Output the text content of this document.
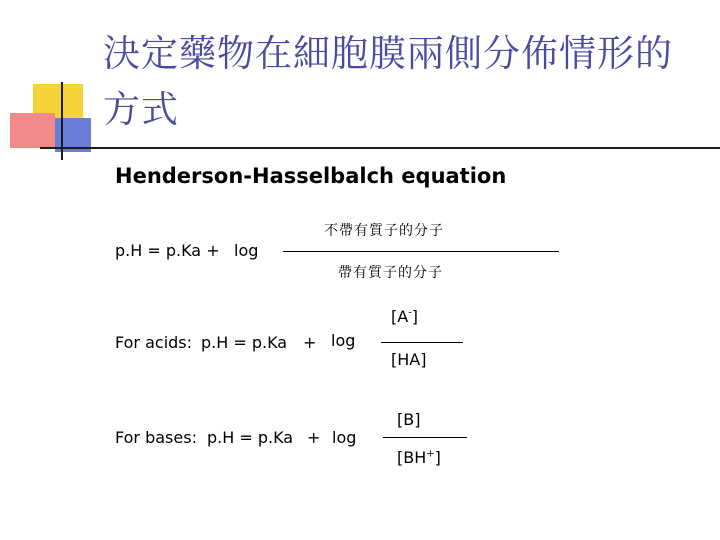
決定藥物在細胞膜兩側分佈情形的方式
Henderson-Hasselbalch equation
p.H = p.Ka + log
不帶有質子的分子
帶有質子的分子
For acids: p.H = p.Ka + log
[A-]
[HA]
For bases: p.H = p.Ka + log
[B]
[BH+]
